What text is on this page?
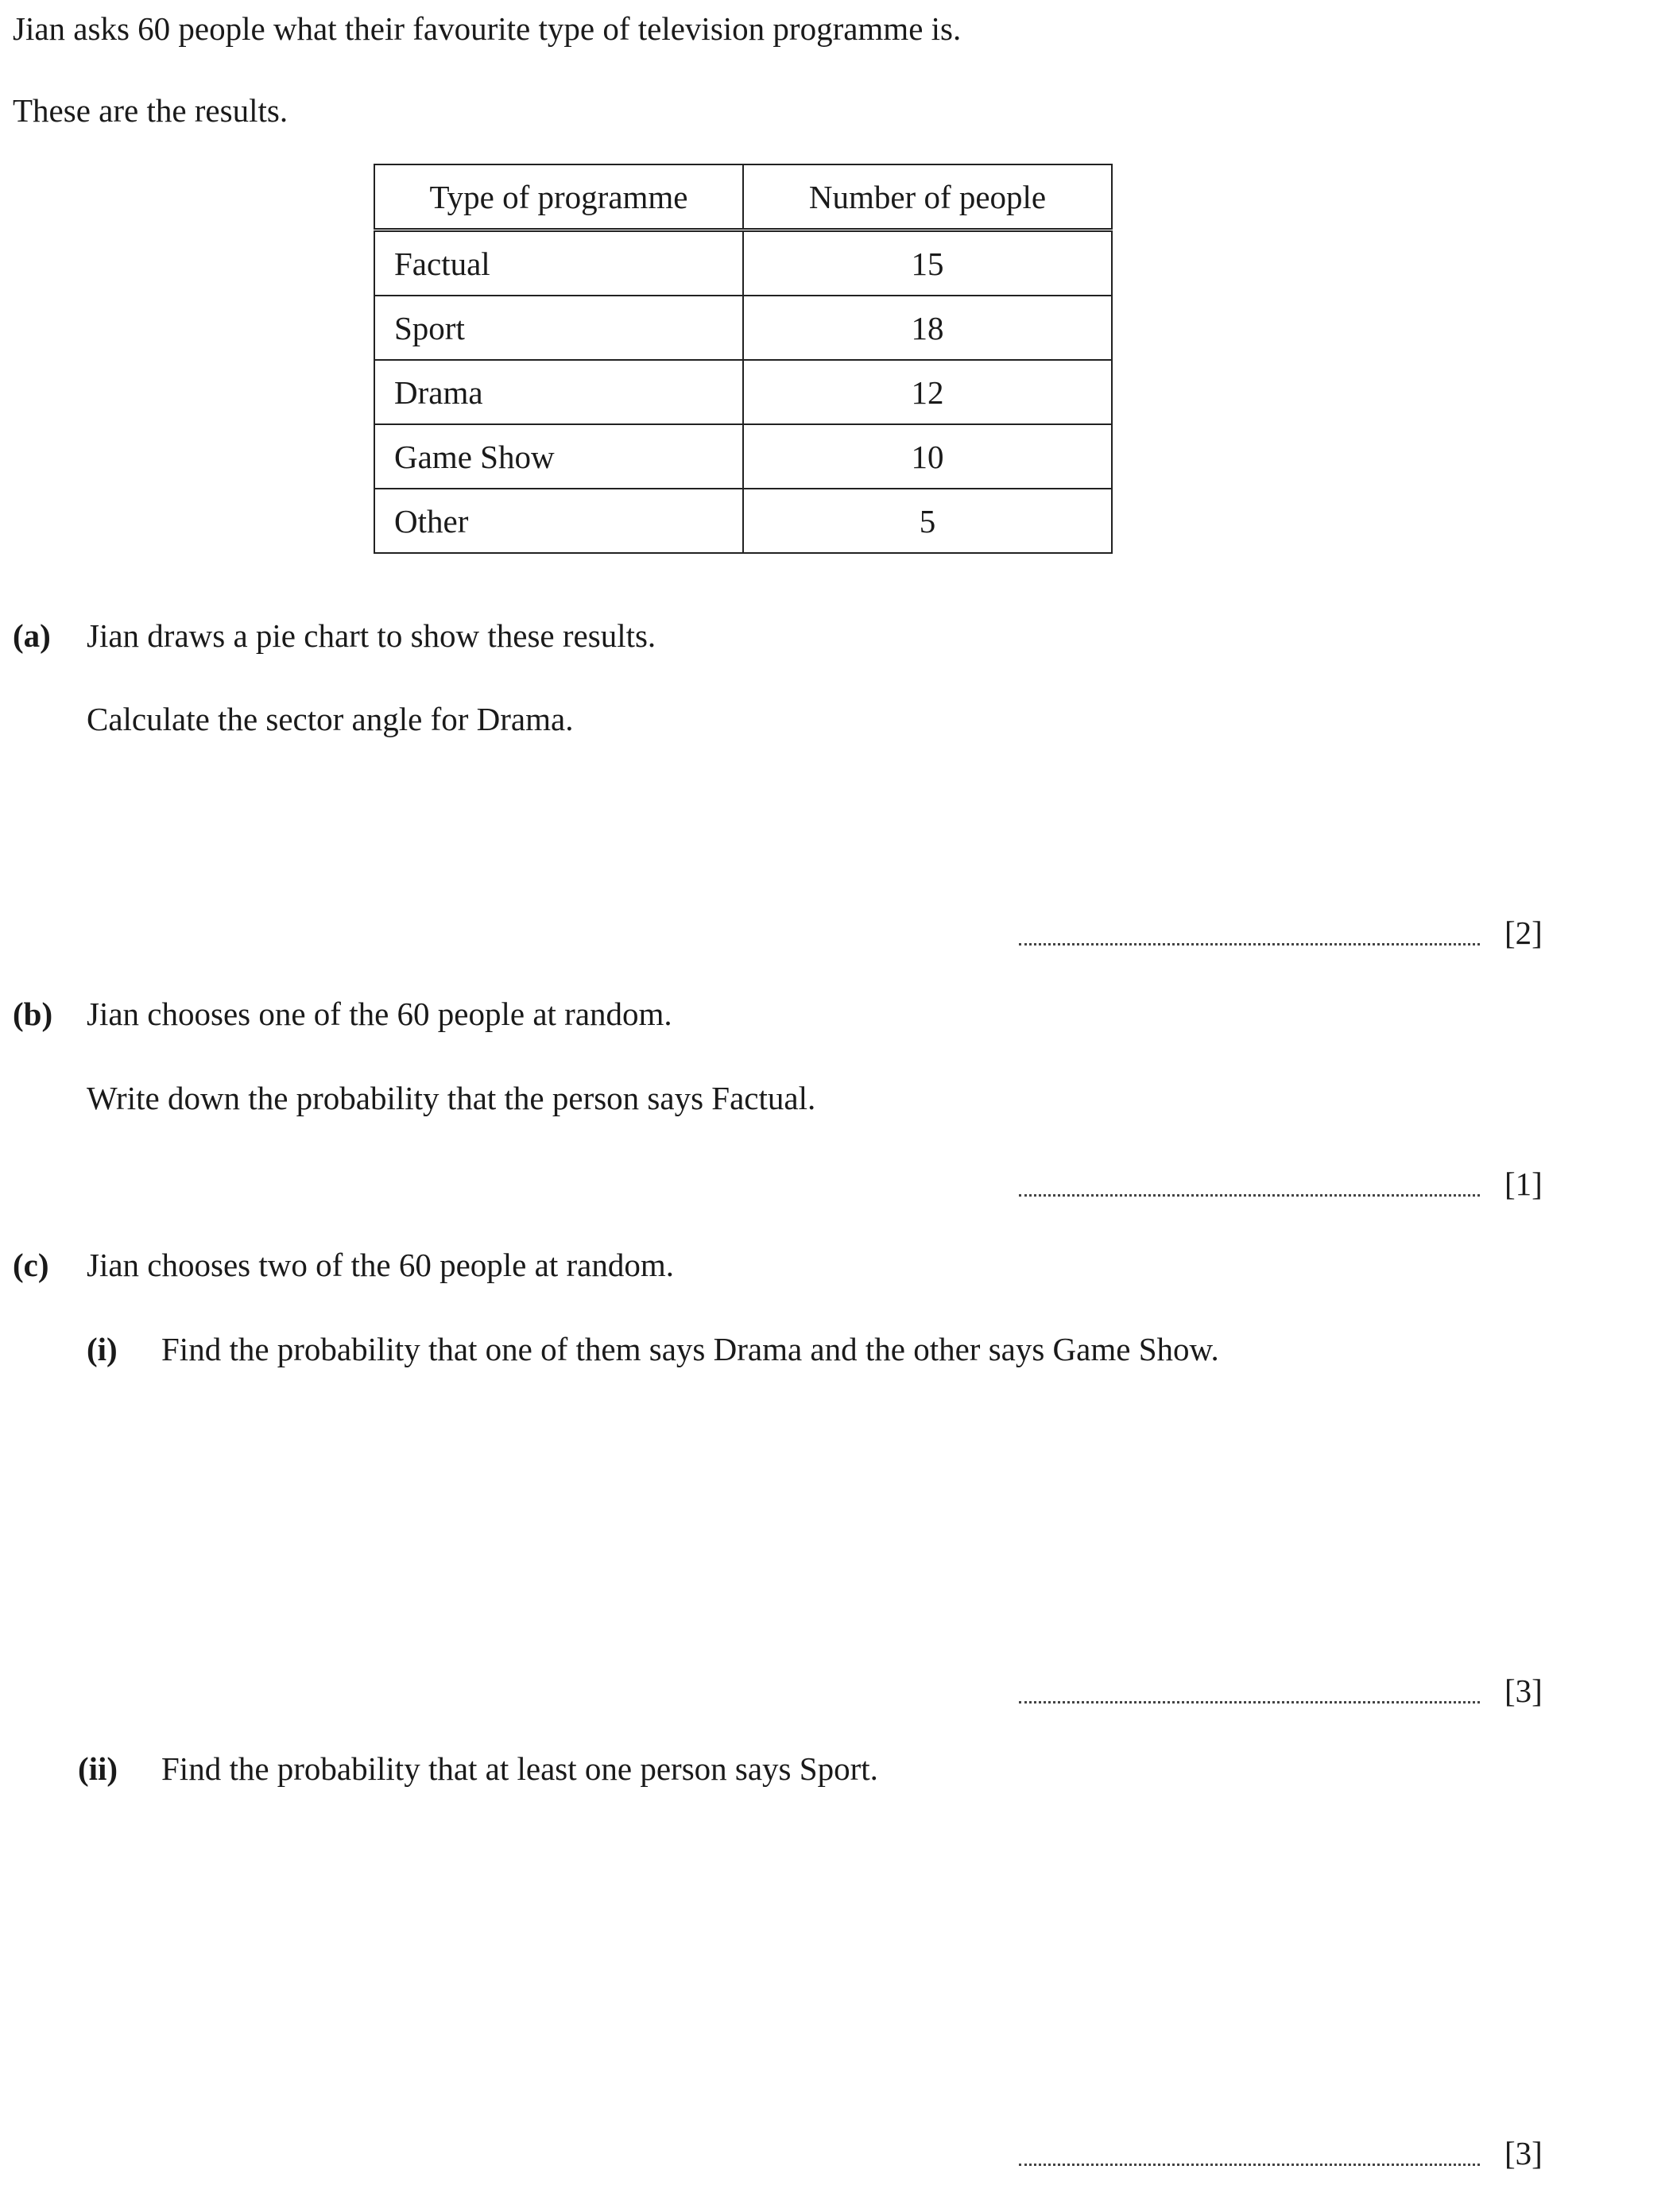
Jian asks 60 people what their favourite type of television programme is.
These are the results.
Type of programme	Number of people
Factual	15
Sport	18
Drama	12
Game Show	10
Other	5
(a) Jian draws a pie chart to show these results.
Calculate the sector angle for Drama.
[2]
(b) Jian chooses one of the 60 people at random.
Write down the probability that the person says Factual.
[1]
(c) Jian chooses two of the 60 people at random.
(i) Find the probability that one of them says Drama and the other says Game Show.
[3]
(ii) Find the probability that at least one person says Sport.
[3]
